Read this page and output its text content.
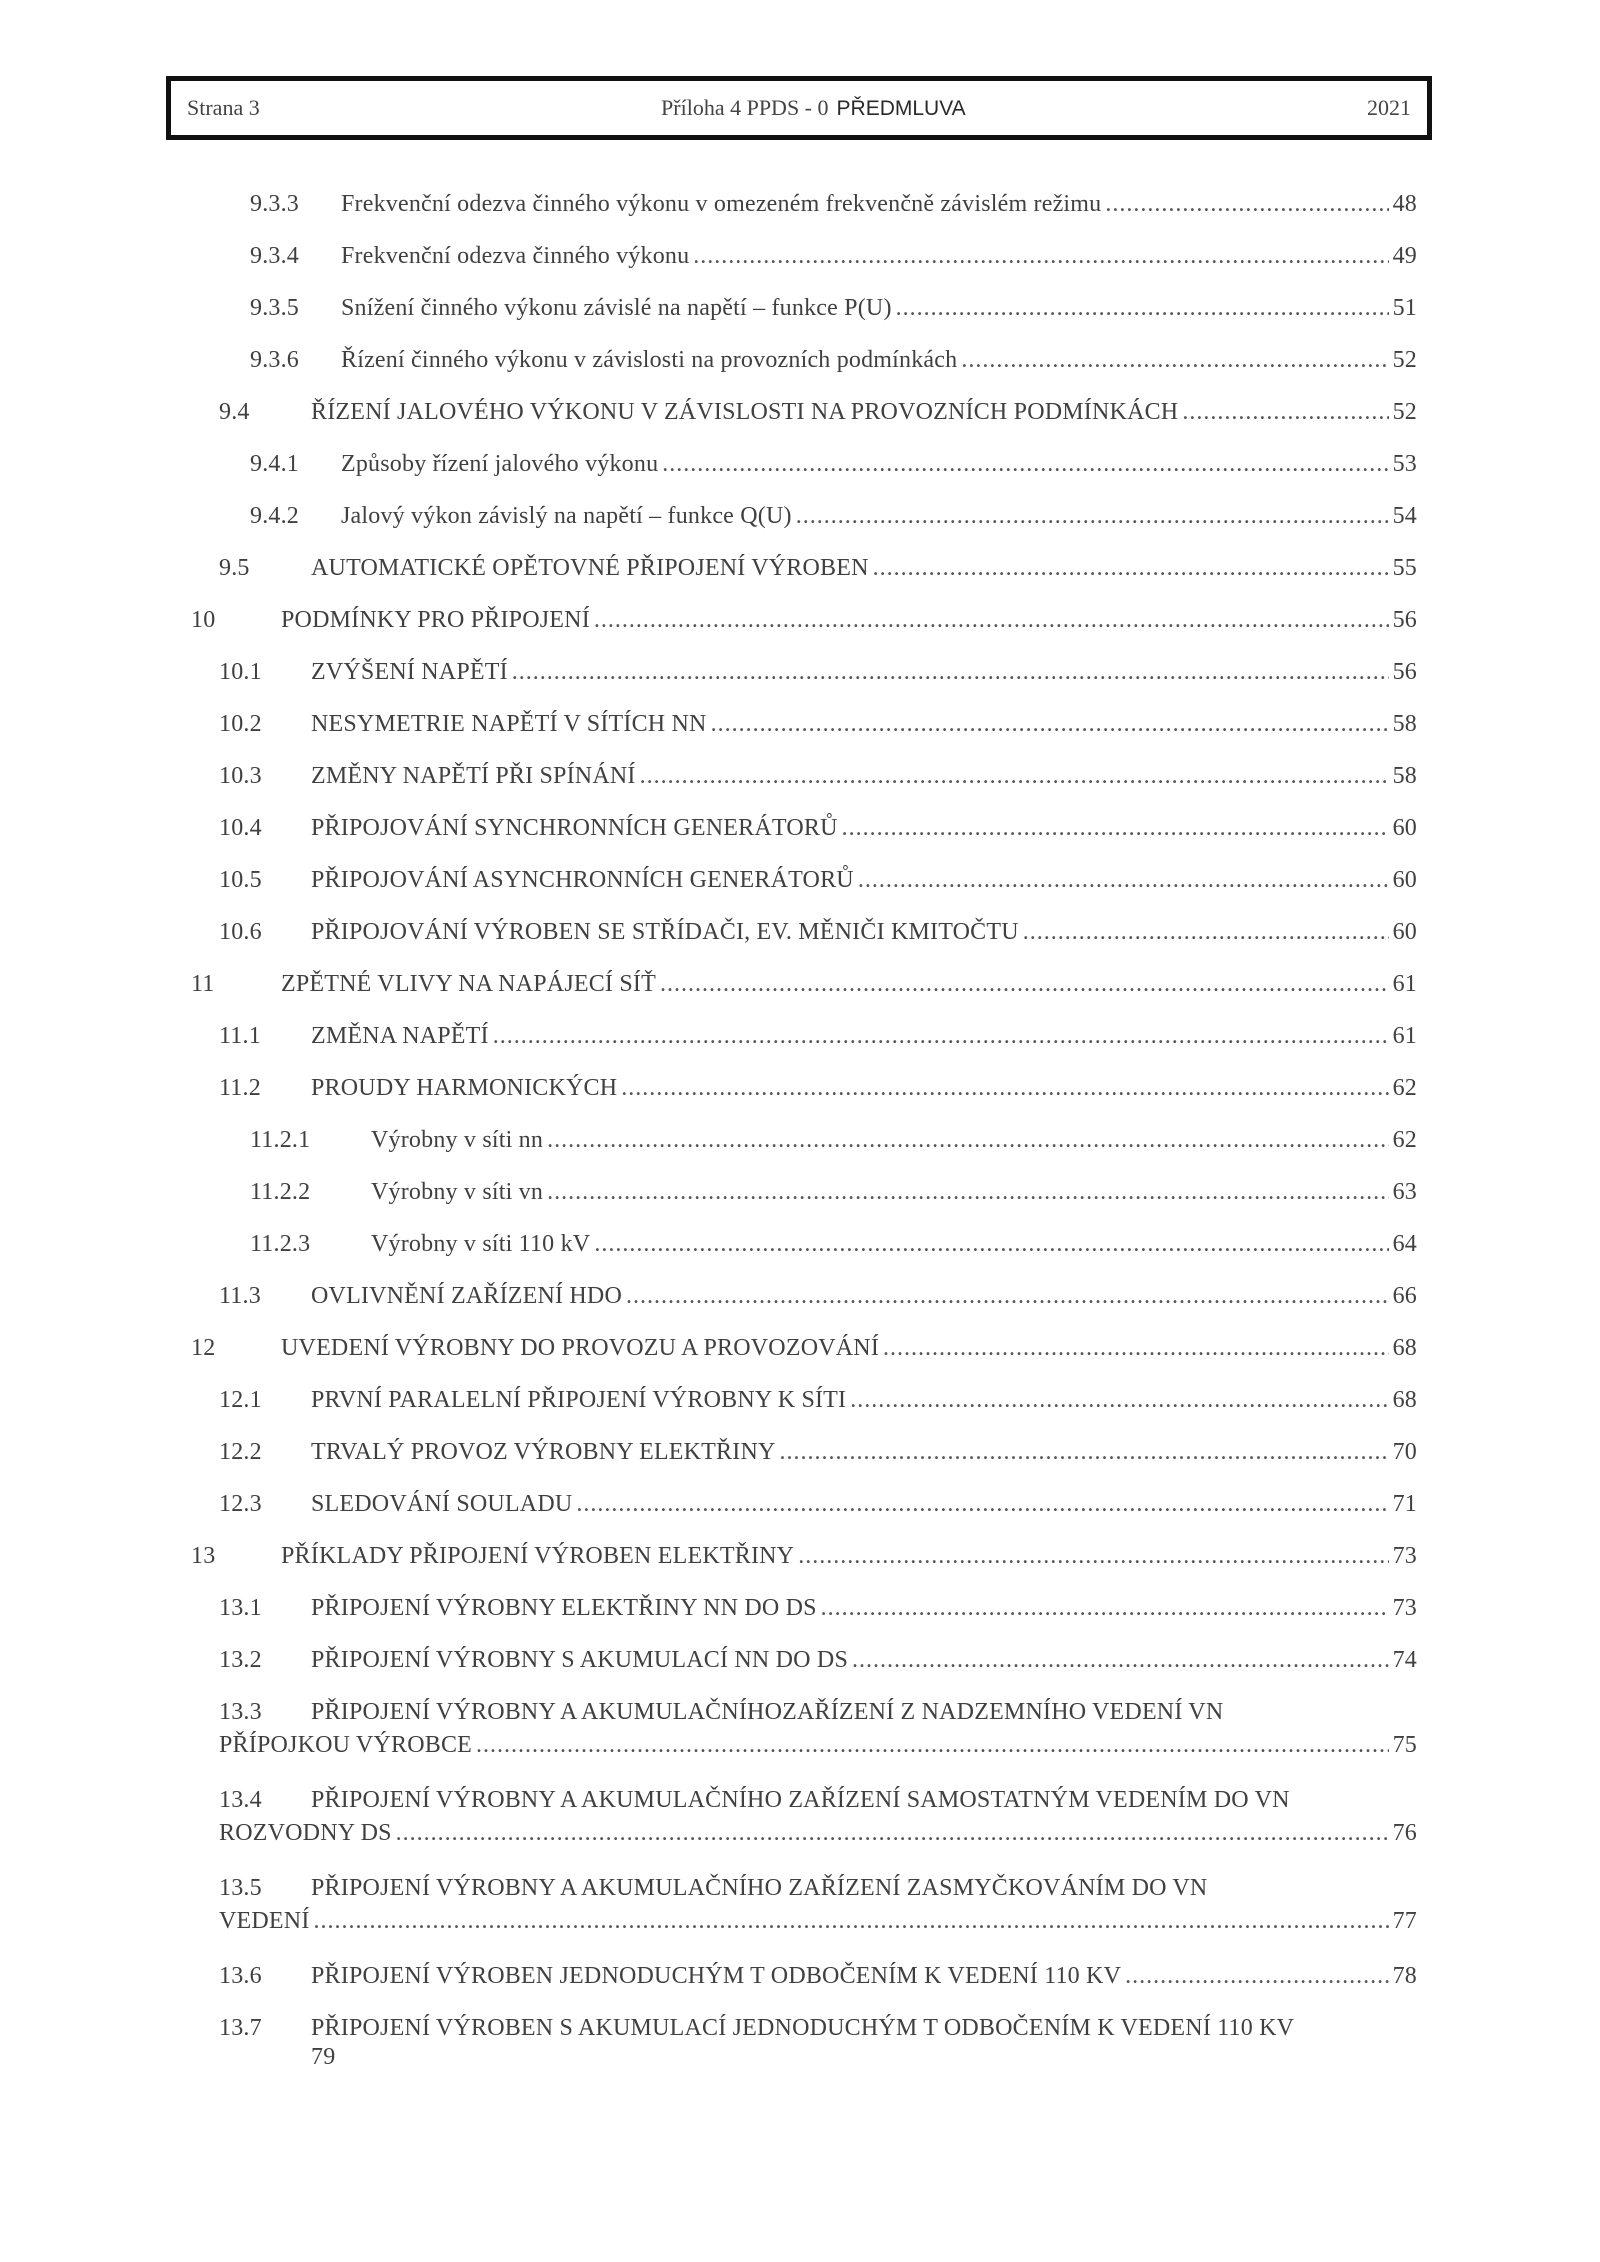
Strana 3	Příloha 4 PPDS - 0 PŘEDMLUVA	2021
9.3.3	Frekvenční odezva činného výkonu v omezeném frekvenčně závislém režimu .....	48
9.3.4	Frekvenční odezva činného výkonu .....	49
9.3.5	Snížení činného výkonu závislé na napětí – funkce P(U) .....	51
9.3.6	Řízení činného výkonu v závislosti na provozních podmínkách .....	52
9.4	ŘÍZENÍ JALOVÉHO VÝKONU V ZÁVISLOSTI NA PROVOZNÍCH PODMÍNKÁCH .....	52
9.4.1	Způsoby řízení jalového výkonu .....	53
9.4.2	Jalový výkon závislý na napětí – funkce Q(U) .....	54
9.5	AUTOMATICKÉ OPĚTOVNÉ PŘIPOJENÍ VÝROBEN .....	55
10	PODMÍNKY PRO PŘIPOJENÍ .....	56
10.1	ZVÝŠENÍ NAPĚTÍ .....	56
10.2	NESYMETRIE NAPĚTÍ V SÍTÍCH NN .....	58
10.3	ZMĚNY NAPĚTÍ PŘI SPÍNÁNÍ .....	58
10.4	PŘIPOJOVÁNÍ SYNCHRONNÍCH GENERÁTORŮ .....	60
10.5	PŘIPOJOVÁNÍ ASYNCHRONNÍCH GENERÁTORŮ .....	60
10.6	PŘIPOJOVÁNÍ VÝROBEN SE STŘÍDAČI, EV. MĚNIČI KMITOČTU .....	60
11	ZPĚTNÉ VLIVY NA NAPÁJECÍ SÍŤ .....	61
11.1	ZMĚNA NAPĚTÍ .....	61
11.2	PROUDY HARMONICKÝCH .....	62
11.2.1	Výrobny v síti nn .....	62
11.2.2	Výrobny v síti vn .....	63
11.2.3	Výrobny v síti 110 kV .....	64
11.3	OVLIVNĚNÍ ZAŘÍZENÍ HDO .....	66
12	UVEDENÍ VÝROBNY DO PROVOZU A PROVOZOVÁNÍ .....	68
12.1	PRVNÍ PARALELNÍ PŘIPOJENÍ VÝROBNY K SÍTI .....	68
12.2	TRVALÝ PROVOZ VÝROBNY ELEKTŘINY .....	70
12.3	SLEDOVÁNÍ SOULADU .....	71
13	PŘÍKLADY PŘIPOJENÍ VÝROBEN ELEKTŘINY .....	73
13.1	PŘIPOJENÍ VÝROBNY ELEKTŘINY NN DO DS .....	73
13.2	PŘIPOJENÍ VÝROBNY S AKUMULACÍ NN DO DS .....	74
13.3	PŘIPOJENÍ VÝROBNY A AKUMULAČNÍHOZAŘÍZENÍ Z NADZEMNÍHO VEDENÍ VN
PŘÍPOJKOU VÝROBCE .....	75
13.4	PŘIPOJENÍ VÝROBNY A AKUMULAČNÍHO ZAŘÍZENÍ SAMOSTATNÝM VEDENÍM DO VN
ROZVODNY DS .....	76
13.5	PŘIPOJENÍ VÝROBNY A AKUMULAČNÍHO ZAŘÍZENÍ ZASMYČKOVÁNÍM DO VN
VEDENÍ .....	77
13.6	PŘIPOJENÍ VÝROBEN JEDNODUCHÝM T ODBOČENÍM K VEDENÍ 110 KV .....	78
13.7	PŘIPOJENÍ VÝROBEN S AKUMULACÍ JEDNODUCHÝM T ODBOČENÍM K VEDENÍ 110 KV
79
